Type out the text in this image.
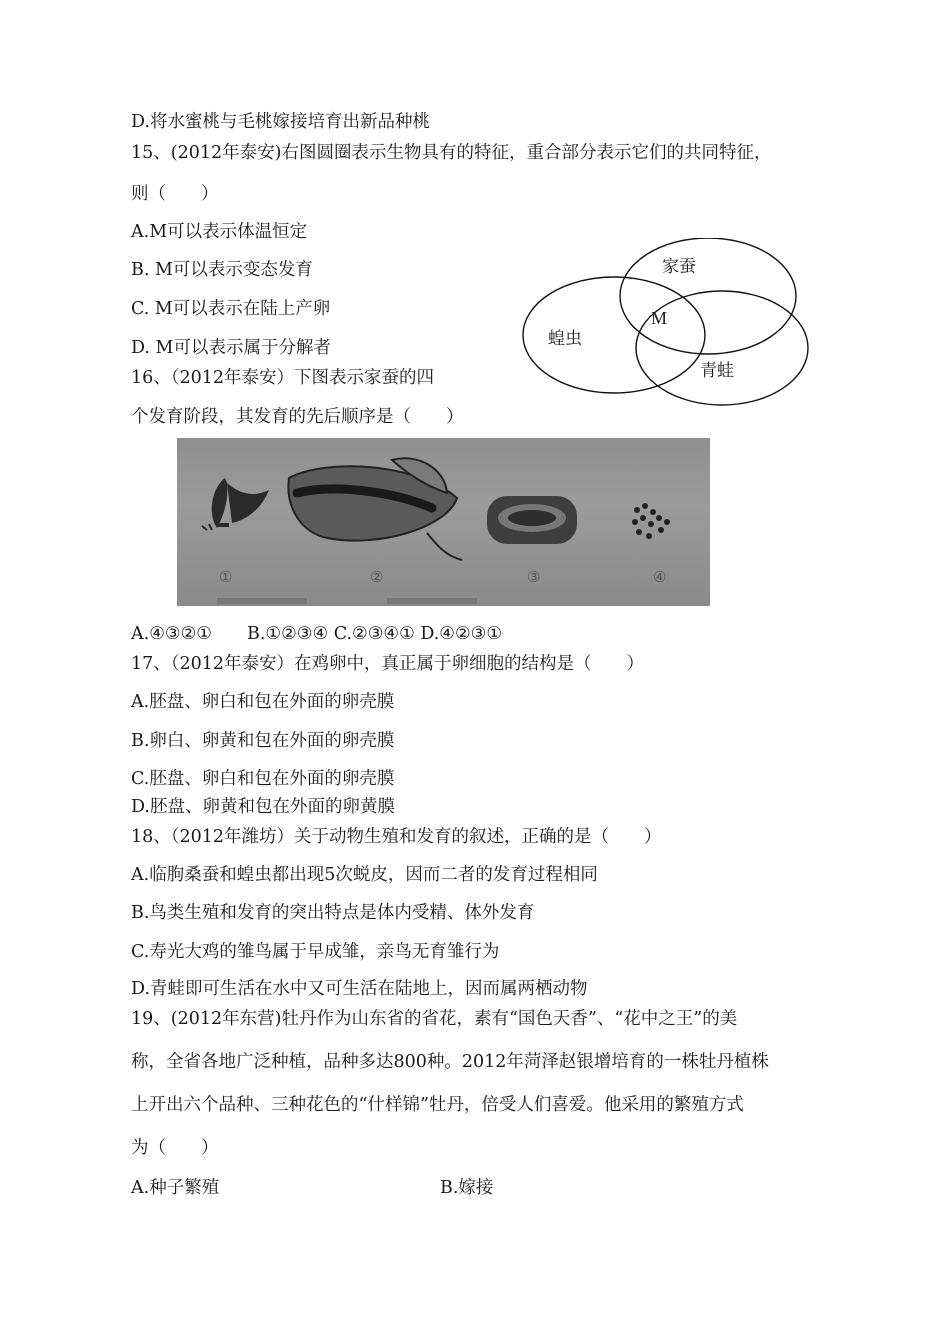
D.将水蜜桃与毛桃嫁接培育出新品种桃
15、(2012年泰安)右图圆圈表示生物具有的特征，重合部分表示它们的共同特征，
则（　　）
A.M可以表示体温恒定
B. M可以表示变态发育
C. M可以表示在陆上产卵
D. M可以表示属于分解者
16、（2012年泰安）下图表示家蚕的四
个发育阶段，其发育的先后顺序是（　　）
A.④③②①　　B.①②③④ C.②③④① D.④②③①
17、（2012年泰安）在鸡卵中，真正属于卵细胞的结构是（　　）
A.胚盘、卵白和包在外面的卵壳膜
B.卵白、卵黄和包在外面的卵壳膜
C.胚盘、卵白和包在外面的卵壳膜
D.胚盘、卵黄和包在外面的卵黄膜
18、（2012年潍坊）关于动物生殖和发育的叙述，正确的是（　　）
A.临朐桑蚕和蝗虫都出现5次蜕皮，因而二者的发育过程相同
B.鸟类生殖和发育的突出特点是体内受精、体外发育
C.寿光大鸡的雏鸟属于早成雏，亲鸟无育雏行为
D.青蛙即可生活在水中又可生活在陆地上，因而属两栖动物
19、(2012年东营)牡丹作为山东省的省花，素有“国色天香”、“花中之王”的美
称，全省各地广泛种植，品种多达800种。2012年菏泽赵银增培育的一株牡丹植株
上开出六个品种、三种花色的“什样锦”牡丹，倍受人们喜爱。他采用的繁殖方式
为（　　）
A.种子繁殖	B.嫁接
家蚕
蝗虫
青蛙
M
①	②	③	④
